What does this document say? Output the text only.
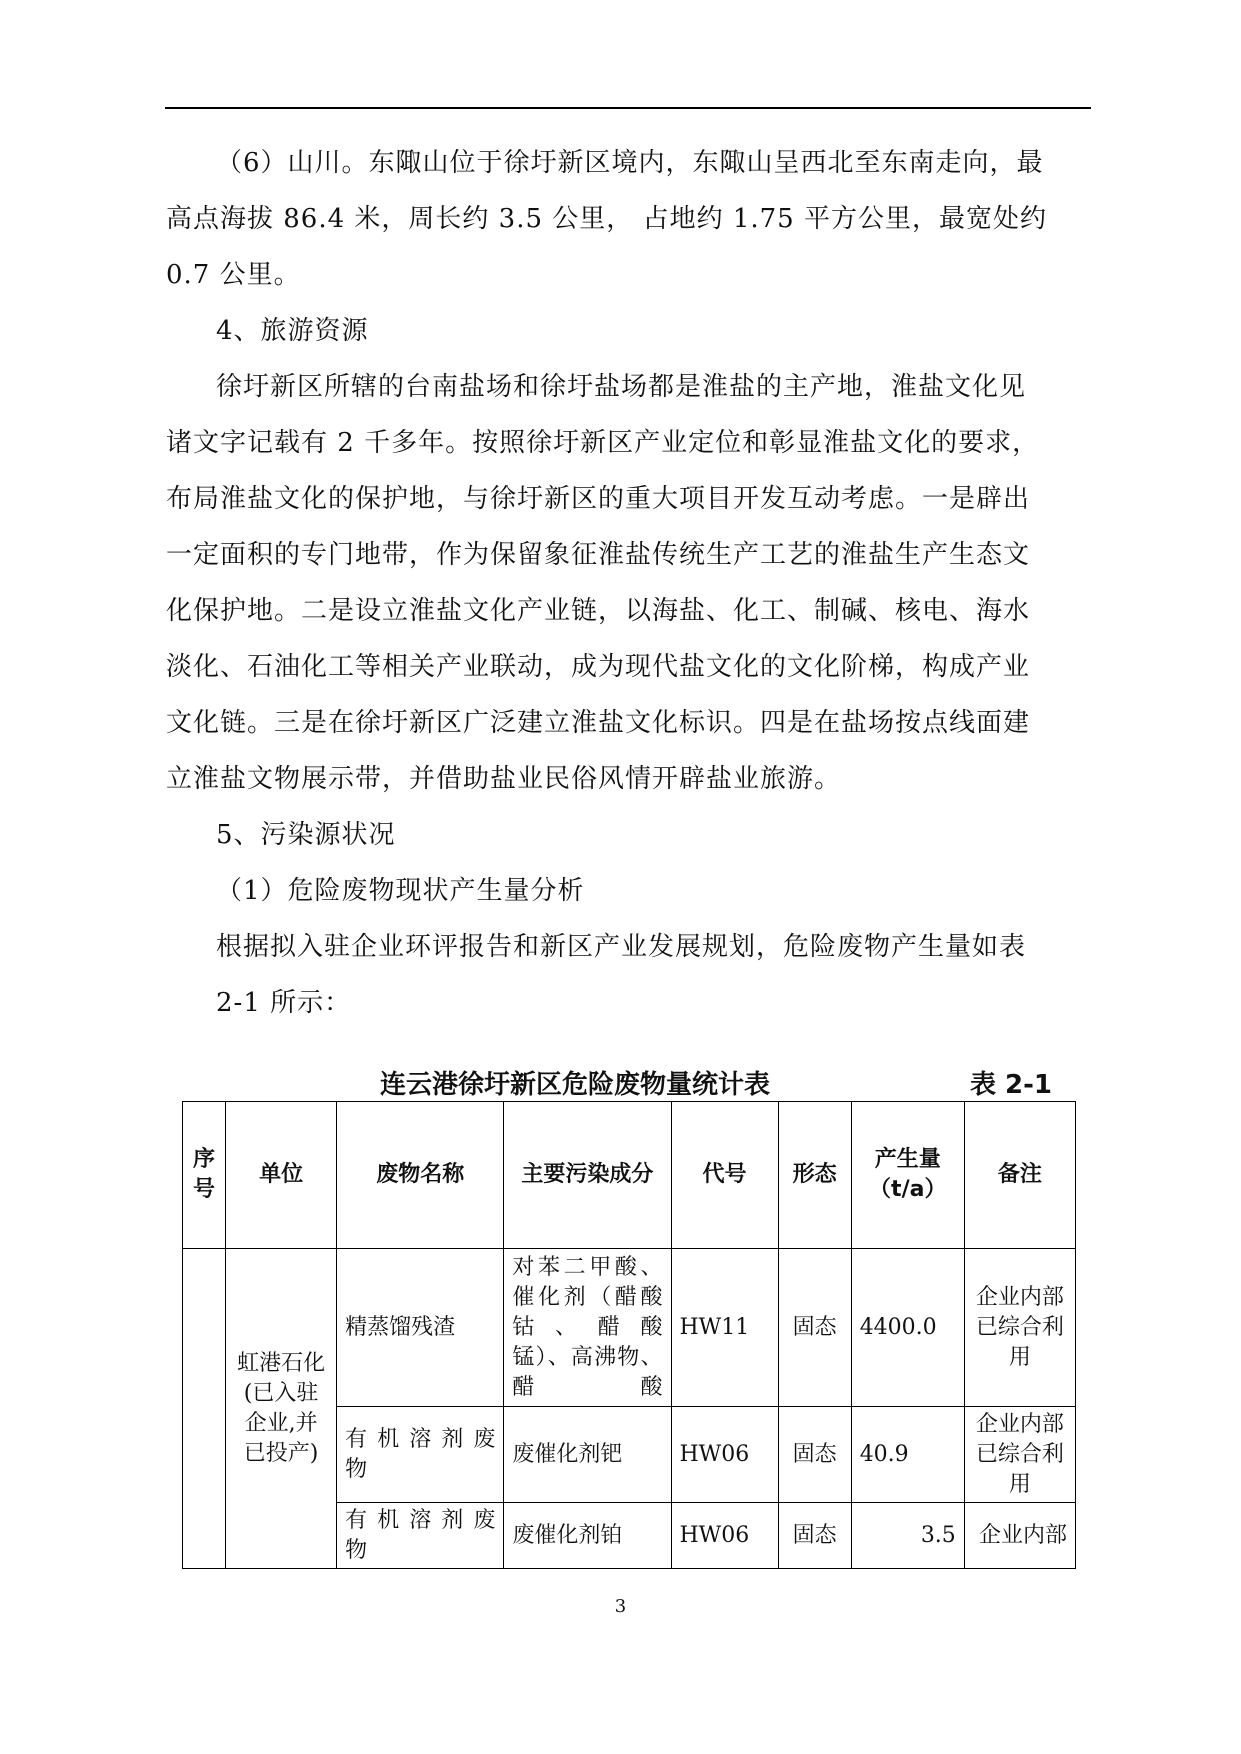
（6）山川。东陬山位于徐圩新区境内，东陬山呈西北至东南走向，最
高点海拔 86.4 米，周长约 3.5 公里， 占地约 1.75 平方公里，最宽处约
0.7 公里。
4、旅游资源
徐圩新区所辖的台南盐场和徐圩盐场都是淮盐的主产地，淮盐文化见
诸文字记载有 2 千多年。按照徐圩新区产业定位和彰显淮盐文化的要求，
布局淮盐文化的保护地，与徐圩新区的重大项目开发互动考虑。一是辟出
一定面积的专门地带，作为保留象征淮盐传统生产工艺的淮盐生产生态文
化保护地。二是设立淮盐文化产业链，以海盐、化工、制碱、核电、海水
淡化、石油化工等相关产业联动，成为现代盐文化的文化阶梯，构成产业
文化链。三是在徐圩新区广泛建立淮盐文化标识。四是在盐场按点线面建
立淮盐文物展示带，并借助盐业民俗风情开辟盐业旅游。
5、污染源状况
（1）危险废物现状产生量分析
根据拟入驻企业环评报告和新区产业发展规划，危险废物产生量如表
2-1 所示：
连云港徐圩新区危险废物量统计表	表 2-1
序号	单位	废物名称	主要污染成分	代号	形态	产生量（t/a）	备注
	虹港石化(已入驻企业,并已投产)	精蒸馏残渣	对苯二甲酸、催化剂（醋酸钴 、 醋 酸锰）、高沸物、醋酸	HW11	固态	4400.0	企业内部已综合利用
		有 机 溶 剂 废物	废催化剂钯	HW06	固态	40.9	企业内部已综合利用
		有 机 溶 剂 废物	废催化剂铂	HW06	固态	3.5	企业内部
3
